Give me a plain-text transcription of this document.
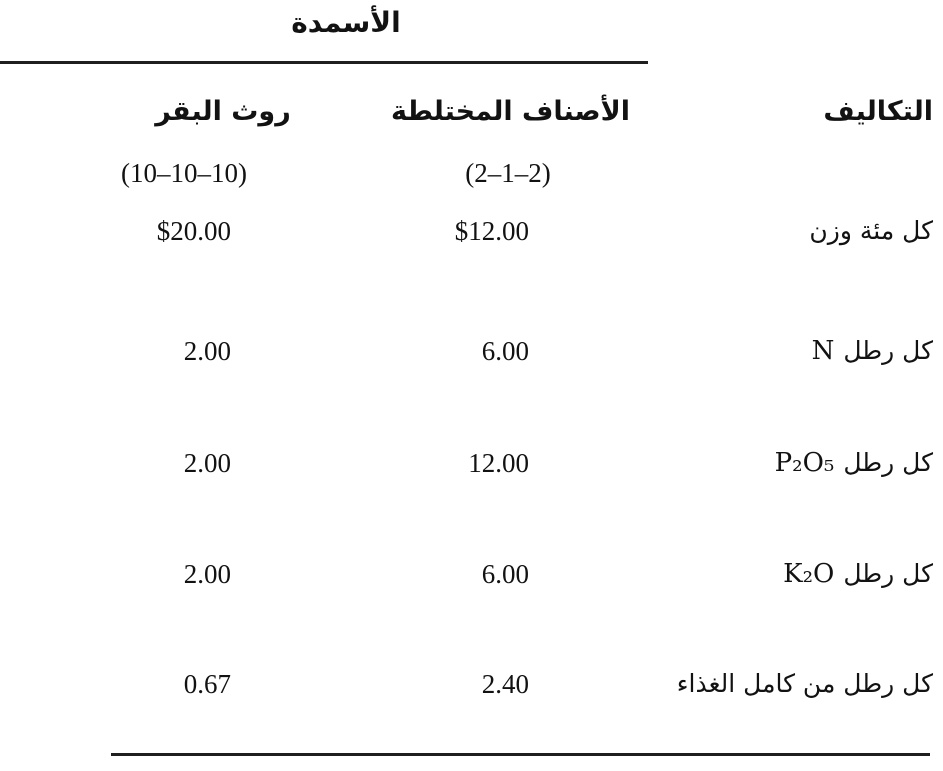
الأسمدة
التكاليف
الأصناف المختلطة
روث البقر
(2–1–2)
(10–10–10)
كل مئة وزن
$12.00
$20.00
كل رطلN
6.00
2.00
كل رطلP₂O₅
12.00
2.00
كل رطلK₂O
6.00
2.00
كل رطل من كامل الغذاء
2.40
0.67
